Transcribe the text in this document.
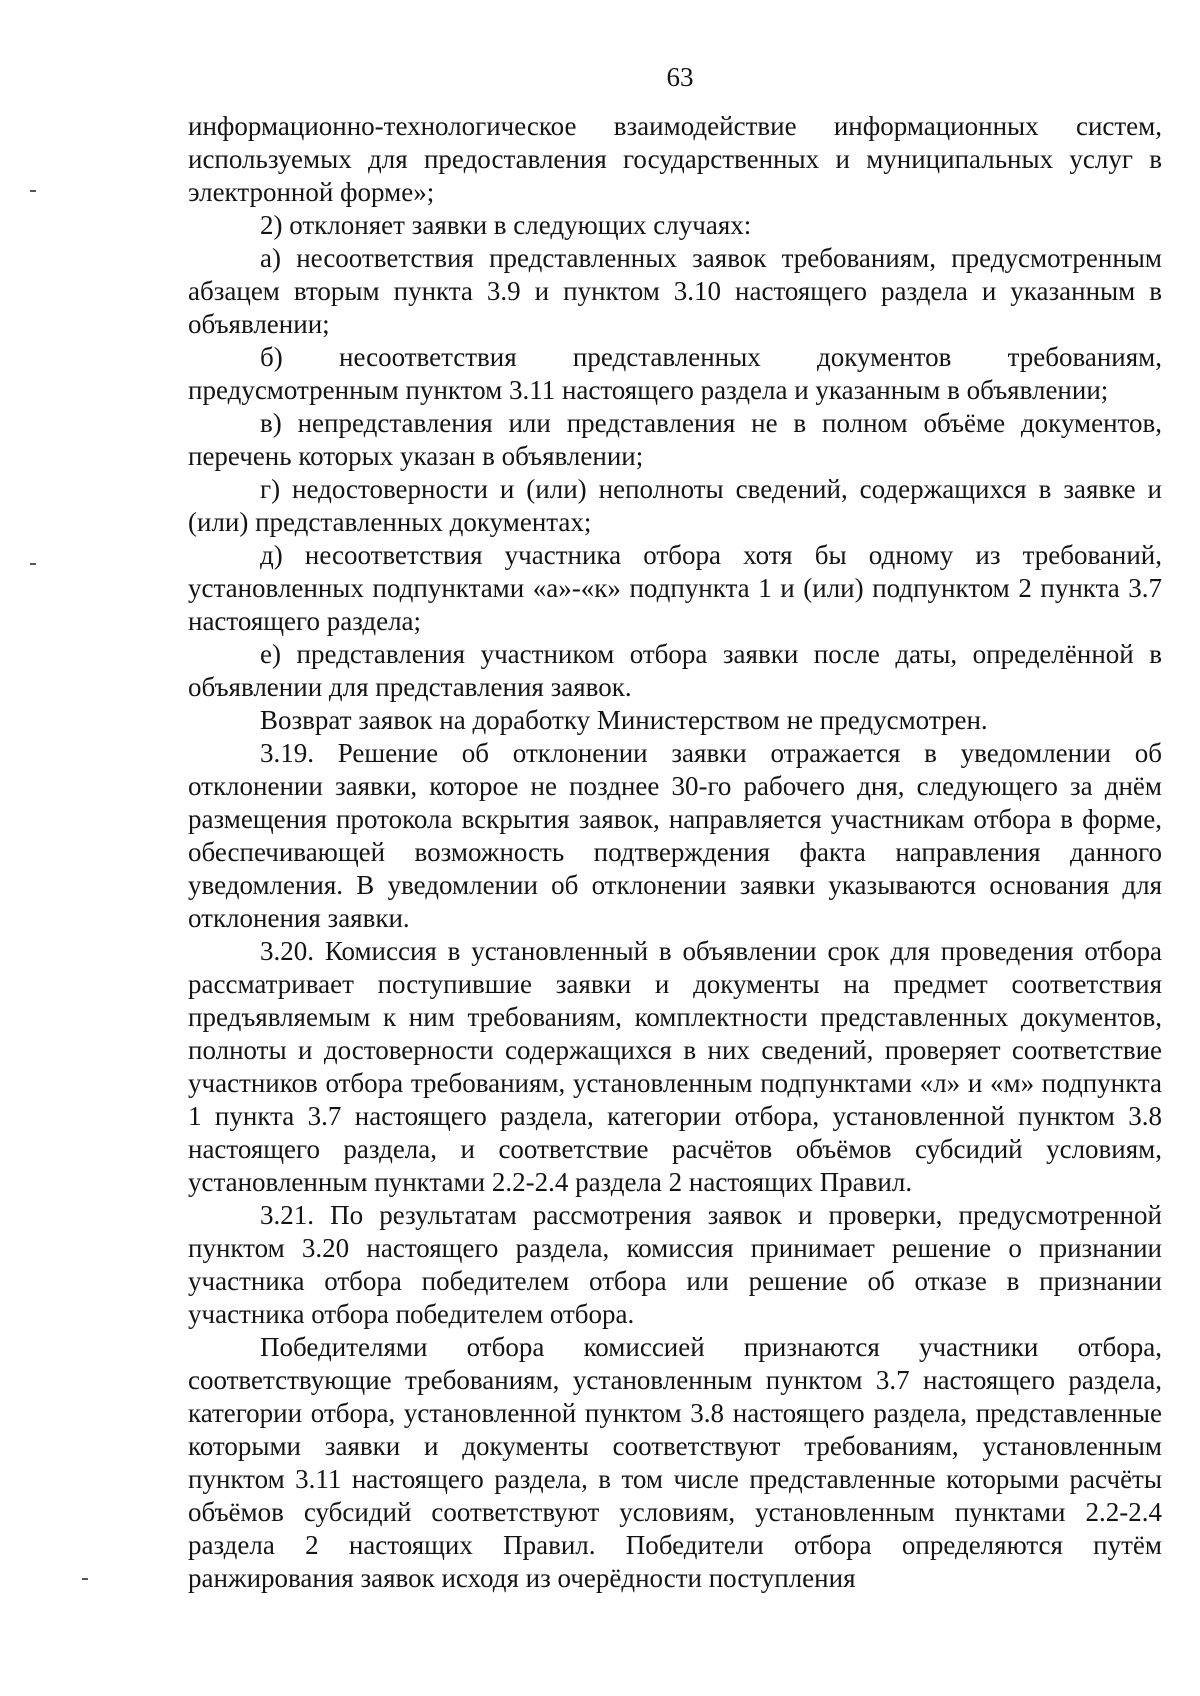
63

информационно-технологическое взаимодействие информационных систем, используемых для предоставления государственных и муниципальных услуг в электронной форме»;

2) отклоняет заявки в следующих случаях:

а) несоответствия представленных заявок требованиям, предусмотренным абзацем вторым пункта 3.9 и пунктом 3.10 настоящего раздела и указанным в объявлении;

б) несоответствия представленных документов требованиям, предусмотренным пунктом 3.11 настоящего раздела и указанным в объявлении;

в) непредставления или представления не в полном объёме документов, перечень которых указан в объявлении;

г) недостоверности и (или) неполноты сведений, содержащихся в заявке и (или) представленных документах;

д) несоответствия участника отбора хотя бы одному из требований, установленных подпунктами «а»-«к» подпункта 1 и (или) подпунктом 2 пункта 3.7 настоящего раздела;

е) представления участником отбора заявки после даты, определённой в объявлении для представления заявок.

Возврат заявок на доработку Министерством не предусмотрен.

3.19. Решение об отклонении заявки отражается в уведомлении об отклонении заявки, которое не позднее 30-го рабочего дня, следующего за днём размещения протокола вскрытия заявок, направляется участникам отбора в форме, обеспечивающей возможность подтверждения факта направления данного уведомления. В уведомлении об отклонении заявки указываются основания для отклонения заявки.

3.20. Комиссия в установленный в объявлении срок для проведения отбора рассматривает поступившие заявки и документы на предмет соответствия предъявляемым к ним требованиям, комплектности представленных документов, полноты и достоверности содержащихся в них сведений, проверяет соответствие участников отбора требованиям, установленным подпунктами «л» и «м» подпункта 1 пункта 3.7 настоящего раздела, категории отбора, установленной пунктом 3.8 настоящего раздела, и соответствие расчётов объёмов субсидий условиям, установленным пунктами 2.2-2.4 раздела 2 настоящих Правил.

3.21. По результатам рассмотрения заявок и проверки, предусмотренной пунктом 3.20 настоящего раздела, комиссия принимает решение о признании участника отбора победителем отбора или решение об отказе в признании участника отбора победителем отбора.

Победителями отбора комиссией признаются участники отбора, соответствующие требованиям, установленным пунктом 3.7 настоящего раздела, категории отбора, установленной пунктом 3.8 настоящего раздела, представленные которыми заявки и документы соответствуют требованиям, установленным пунктом 3.11 настоящего раздела, в том числе представленные которыми расчёты объёмов субсидий соответствуют условиям, установленным пунктами 2.2-2.4 раздела 2 настоящих Правил. Победители отбора определяются путём ранжирования заявок исходя из очерёдности поступления
